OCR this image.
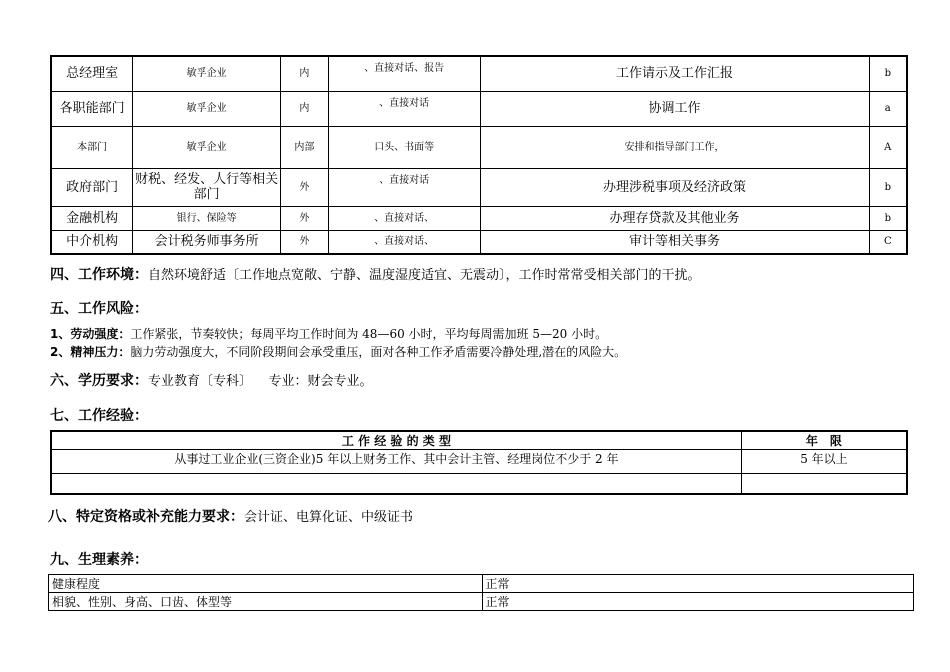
总经理室	敏孚企业	内	、直接对话、报告	工作请示及工作汇报	b
各职能部门	敏孚企业	内	、直接对话	协调工作	a
本部门	敏孚企业	内部	口头、书面等	安排和指导部门工作，	A
政府部门	财税、经发、人行等相关部门	外	、直接对话	办理涉税事项及经济政策	b
金融机构	银行、保险等	外	、直接对话、	办理存贷款及其他业务	b
中介机构	会计税务师事务所	外	、直接对话、	审计等相关事务	C
四、工作环境：自然环境舒适〔工作地点宽敞、宁静、温度湿度适宜、无震动〕，工作时常常受相关部门的干扰。
五、工作风险：
1、劳动强度：工作紧张，节奏较快；每周平均工作时间为 48—60 小时，平均每周需加班 5—20 小时。
2、精神压力：脑力劳动强度大，不同阶段期间会承受重压，面对各种工作矛盾需要冷静处理,潜在的风险大。
六、学历要求：专业教育〔专科〕    专业：财会专业。
七、工作经验：
工 作 经 验 的 类 型	年　限
从事过工业企业(三资企业)5 年以上财务工作、其中会计主管、经理岗位不少于 2 年	5 年以上

八、特定资格或补充能力要求：会计证、电算化证、中级证书
九、生理素养：
健康程度	正常
相貌、性别、身高、口齿、体型等	正常
